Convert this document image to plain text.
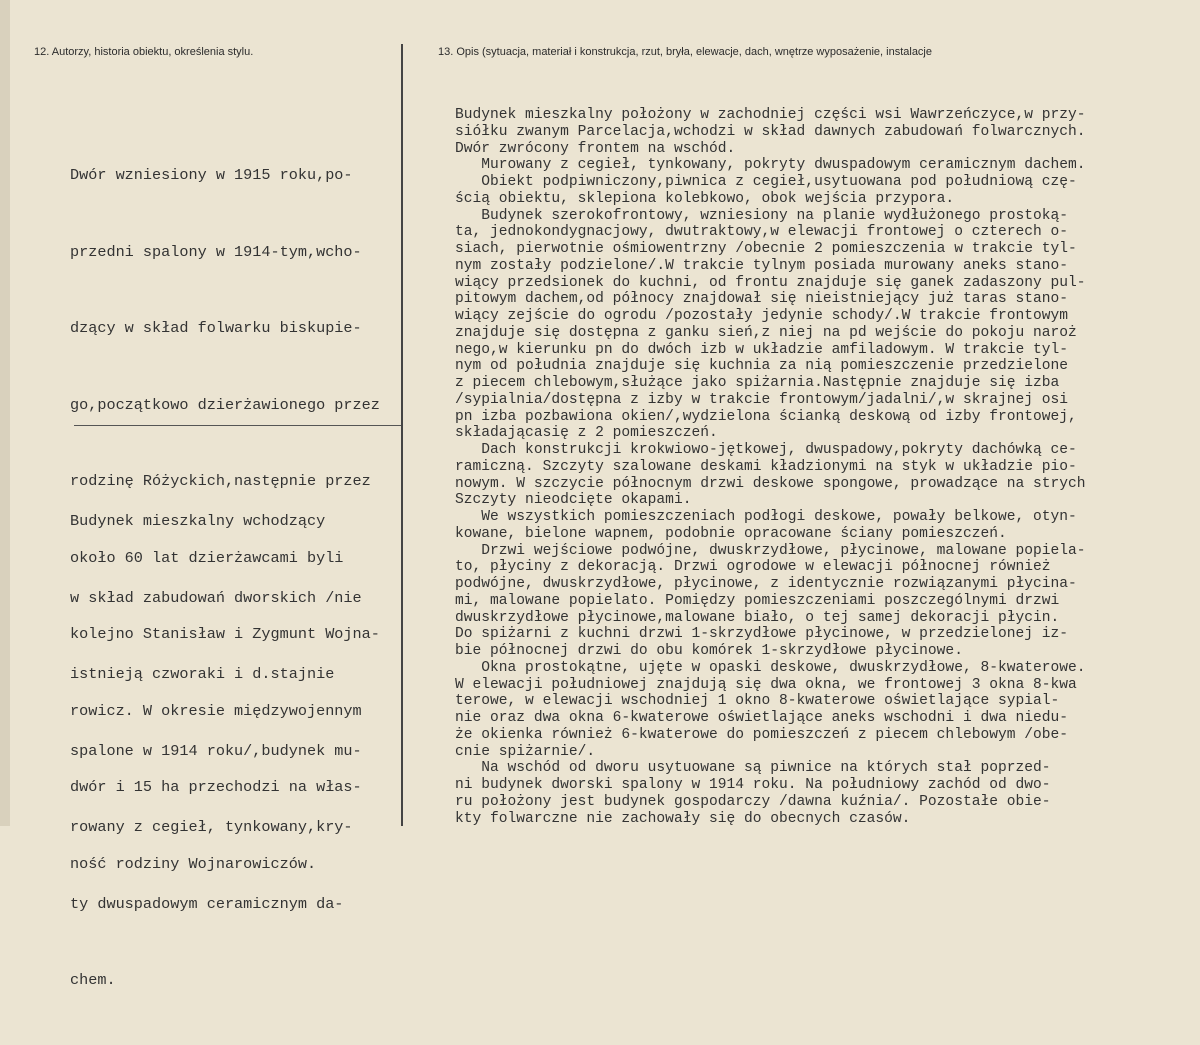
12. Autorzy, historia obiektu, określenia stylu.	13. Opis (sytuacja, materiał i konstrukcja, rzut, bryła, elewacje, dach, wnętrze wyposażenie, instalacje

Dwór wzniesiony w 1915 roku,po-

przedni spalony w 1914-tym,wcho-

dzący w skład folwarku biskupie-

go,początkowo dzierżawionego przez

rodzinę Różyckich,następnie przez

około 60 lat dzierżawcami byli

kolejno Stanisław i Zygmunt Wojna-

rowicz. W okresie międzywojennym

dwór i 15 ha przechodzi na włas-

ność rodziny Wojnarowiczów.

Budynek mieszkalny wchodzący

w skład zabudowań dworskich /nie

istnieją czworaki i d.stajnie

spalone w 1914 roku/,budynek mu-

rowany z cegieł, tynkowany,kry-

ty dwuspadowym ceramicznym da-

chem.

Budynek mieszkalny położony w zachodniej części wsi Wawrzeńczyce,w przy-
siółku zwanym Parcelacja,wchodzi w skład dawnych zabudowań folwarcznych.
Dwór zwrócony frontem na wschód.
Murowany z cegieł, tynkowany, pokryty dwuspadowym ceramicznym dachem.
Obiekt podpiwniczony,piwnica z cegieł,usytuowana pod południową czę-
ścią obiektu, sklepiona kolebkowo, obok wejścia przypora.
Budynek szerokofrontowy, wzniesiony na planie wydłużonego prostoką-
ta, jednokondygnacjowy, dwutraktowy,w elewacji frontowej o czterech o-
siach, pierwotnie ośmiowentrzny /obecnie 2 pomieszczenia w trakcie tyl-
nym zostały podzielone/.W trakcie tylnym posiada murowany aneks stano-
wiący przedsionek do kuchni, od frontu znajduje się ganek zadaszony pul-
pitowym dachem,od północy znajdował się nieistniejący już taras stano-
wiący zejście do ogrodu /pozostały jedynie schody/.W trakcie frontowym
znajduje się dostępna z ganku sień,z niej na pd wejście do pokoju naroż
nego,w kierunku pn do dwóch izb w układzie amfiladowym. W trakcie tyl-
nym od południa znajduje się kuchnia za nią pomieszczenie przedzielone
z piecem chlebowym,służące jako spiżarnia.Następnie znajduje się izba
/sypialnia/dostępna z izby w trakcie frontowym/jadalni/,w skrajnej osi
pn izba pozbawiona okien/,wydzielona ścianką deskową od izby frontowej,
składającasię z 2 pomieszczeń.
Dach konstrukcji krokwiowo-jętkowej, dwuspadowy,pokryty dachówką ce-
ramiczną. Szczyty szalowane deskami kładzionymi na styk w układzie pio-
nowym. W szczycie północnym drzwi deskowe spongowe, prowadzące na strych
Szczyty nieodcięte okapami.
We wszystkich pomieszczeniach podłogi deskowe, powały belkowe, otyn-
kowane, bielone wapnem, podobnie opracowane ściany pomieszczeń.
Drzwi wejściowe podwójne, dwuskrzydłowe, płycinowe, malowane popiela-
to, płyciny z dekoracją. Drzwi ogrodowe w elewacji północnej również
podwójne, dwuskrzydłowe, płycinowe, z identycznie rozwiązanymi płycina-
mi, malowane popielato. Pomiędzy pomieszczeniami poszczególnymi drzwi
dwuskrzydłowe płycinowe,malowane biało, o tej samej dekoracji płycin.
Do spiżarni z kuchni drzwi 1-skrzydłowe płycinowe, w przedzielonej iz-
bie północnej drzwi do obu komórek 1-skrzydłowe płycinowe.
Okna prostokątne, ujęte w opaski deskowe, dwuskrzydłowe, 8-kwaterowe.
W elewacji południowej znajdują się dwa okna, we frontowej 3 okna 8-kwa
terowe, w elewacji wschodniej 1 okno 8-kwaterowe oświetlające sypial-
nie oraz dwa okna 6-kwaterowe oświetlające aneks wschodni i dwa niedu-
że okienka również 6-kwaterowe do pomieszczeń z piecem chlebowym /obe-
cnie spiżarnie/.
Na wschód od dworu usytuowane są piwnice na których stał poprzed-
ni budynek dworski spalony w 1914 roku. Na południowy zachód od dwo-
ru położony jest budynek gospodarczy /dawna kuźnia/. Pozostałe obie-
kty folwarczne nie zachowały się do obecnych czasów.
